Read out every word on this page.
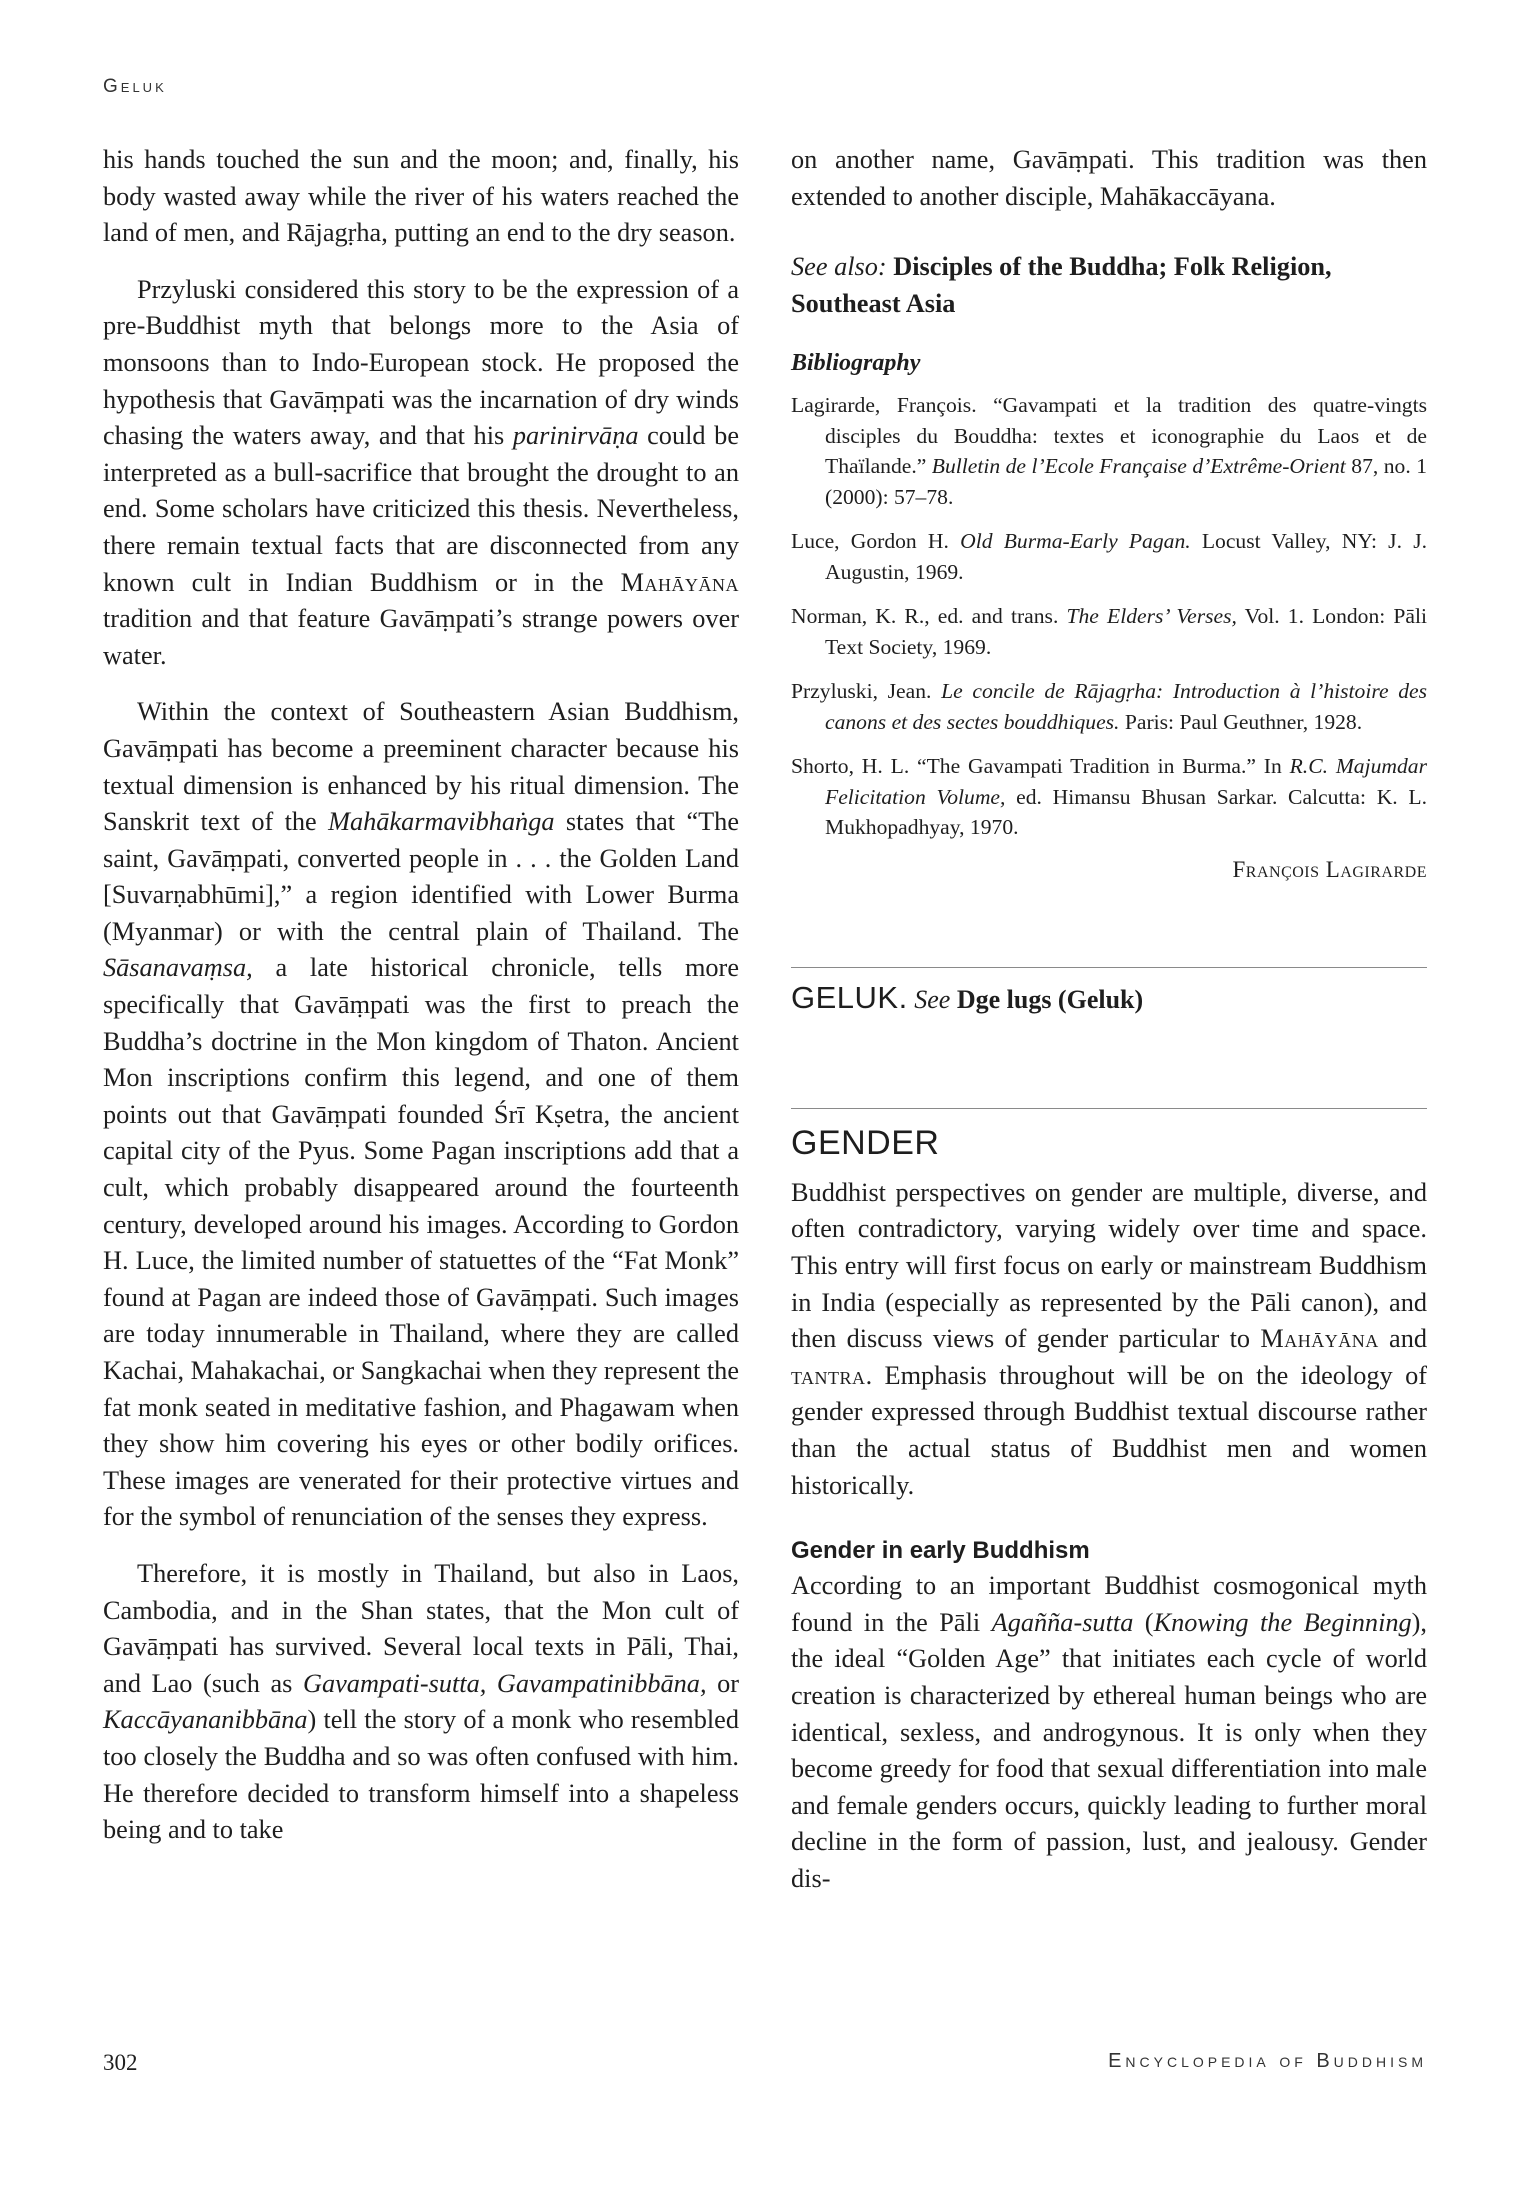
Geluk

his hands touched the sun and the moon; and, finally, his body wasted away while the river of his waters reached the land of men, and Rājagṛha, putting an end to the dry season.

Przyluski considered this story to be the expression of a pre-Buddhist myth that belongs more to the Asia of monsoons than to Indo-European stock. He proposed the hypothesis that Gavāṃpati was the incarnation of dry winds chasing the waters away, and that his parinirvāṇa could be interpreted as a bull-sacrifice that brought the drought to an end. Some scholars have criticized this thesis. Nevertheless, there remain textual facts that are disconnected from any known cult in Indian Buddhism or in the Mahāyāna tradition and that feature Gavāṃpati’s strange powers over water.

Within the context of Southeastern Asian Buddhism, Gavāṃpati has become a preeminent character because his textual dimension is enhanced by his ritual dimension. The Sanskrit text of the Mahākarmavibhaṅga states that “The saint, Gavāṃpati, converted people in . . . the Golden Land [Suvarṇabhūmi],” a region identified with Lower Burma (Myanmar) or with the central plain of Thailand. The Sāsanavaṃsa, a late historical chronicle, tells more specifically that Gavāṃpati was the first to preach the Buddha’s doctrine in the Mon kingdom of Thaton. Ancient Mon inscriptions confirm this legend, and one of them points out that Gavāṃpati founded Śrī Kṣetra, the ancient capital city of the Pyus. Some Pagan inscriptions add that a cult, which probably disappeared around the fourteenth century, developed around his images. According to Gordon H. Luce, the limited number of statuettes of the “Fat Monk” found at Pagan are indeed those of Gavāṃpati. Such images are today innumerable in Thailand, where they are called Kachai, Mahakachai, or Sangkachai when they represent the fat monk seated in meditative fashion, and Phagawam when they show him covering his eyes or other bodily orifices. These images are venerated for their protective virtues and for the symbol of renunciation of the senses they express.

Therefore, it is mostly in Thailand, but also in Laos, Cambodia, and in the Shan states, that the Mon cult of Gavāṃpati has survived. Several local texts in Pāli, Thai, and Lao (such as Gavampati-sutta, Gavampatinibbāna, or Kaccāyananibbāna) tell the story of a monk who resembled too closely the Buddha and so was often confused with him. He therefore decided to transform himself into a shapeless being and to take

on another name, Gavāṃpati. This tradition was then extended to another disciple, Mahākaccāyana.

See also: Disciples of the Buddha; Folk Religion, Southeast Asia
Bibliography
Lagirarde, François. “Gavampati et la tradition des quatre-vingts disciples du Bouddha: textes et iconographie du Laos et de Thaïlande.” Bulletin de l’Ecole Française d’Extrême-Orient 87, no. 1 (2000): 57–78.
Luce, Gordon H. Old Burma-Early Pagan. Locust Valley, NY: J. J. Augustin, 1969.
Norman, K. R., ed. and trans. The Elders’ Verses, Vol. 1. London: Pāli Text Society, 1969.
Przyluski, Jean. Le concile de Rājagṛha: Introduction à l’histoire des canons et des sectes bouddhiques. Paris: Paul Geuthner, 1928.
Shorto, H. L. “The Gavampati Tradition in Burma.” In R.C. Majumdar Felicitation Volume, ed. Himansu Bhusan Sarkar. Calcutta: K. L. Mukhopadhyay, 1970.
François Lagirarde
GELUK. See Dge lugs (Geluk)
GENDER

Buddhist perspectives on gender are multiple, diverse, and often contradictory, varying widely over time and space. This entry will first focus on early or mainstream Buddhism in India (especially as represented by the Pāli canon), and then discuss views of gender particular to Mahāyāna and tantra. Emphasis throughout will be on the ideology of gender expressed through Buddhist textual discourse rather than the actual status of Buddhist men and women historically.

Gender in early Buddhism

According to an important Buddhist cosmogonical myth found in the Pāli Agañña-sutta (Knowing the Beginning), the ideal “Golden Age” that initiates each cycle of world creation is characterized by ethereal human beings who are identical, sexless, and androgynous. It is only when they become greedy for food that sexual differentiation into male and female genders occurs, quickly leading to further moral decline in the form of passion, lust, and jealousy. Gender dis-

302	Encyclopedia of Buddhism
